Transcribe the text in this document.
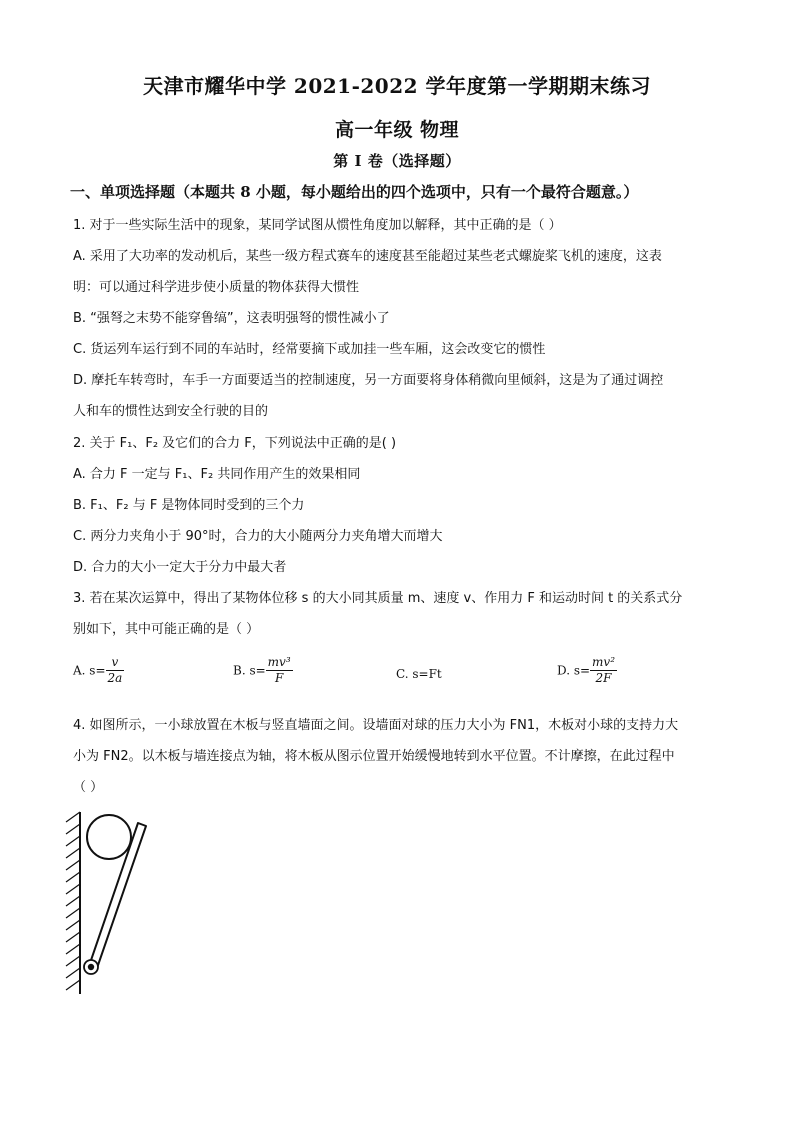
天津市耀华中学 2021-2022 学年度第一学期期末练习
高一年级 物理
第 I 卷（选择题）
一、单项选择题（本题共 8 小题，每小题给出的四个选项中，只有一个最符合题意。）
1. 对于一些实际生活中的现象，某同学试图从惯性角度加以解释，其中正确的是（ ）
A. 采用了大功率的发动机后，某些一级方程式赛车的速度甚至能超过某些老式螺旋桨飞机的速度，这表
明：可以通过科学进步使小质量的物体获得大惯性
B. “强弩之末势不能穿鲁缟”，这表明强弩的惯性减小了
C. 货运列车运行到不同的车站时，经常要摘下或加挂一些车厢，这会改变它的惯性
D. 摩托车转弯时，车手一方面要适当的控制速度，另一方面要将身体稍微向里倾斜，这是为了通过调控
人和车的惯性达到安全行驶的目的
2. 关于 F₁、F₂ 及它们的合力 F，下列说法中正确的是( )
A. 合力 F 一定与 F₁、F₂ 共同作用产生的效果相同
B. F₁、F₂ 与 F 是物体同时受到的三个力
C. 两分力夹角小于 90°时，合力的大小随两分力夹角增大而增大
D. 合力的大小一定大于分力中最大者
3. 若在某次运算中，得出了某物体位移 s 的大小同其质量 m、速度 v、作用力 F 和运动时间 t 的关系式分
别如下，其中可能正确的是（ ）
A. $s= \frac{v}{2a}$	B. $s= \frac{\text{mv³}}{F}$	C. s=Ft	D. $s= \frac{\text{mv²}}{2F}$
4. 如图所示，一小球放置在木板与竖直墙面之间。设墙面对球的压力大小为 FN1，木板对小球的支持力大
小为 FN2。以木板与墙连接点为轴，将木板从图示位置开始缓慢地转到水平位置。不计摩擦，在此过程中
（ ）
